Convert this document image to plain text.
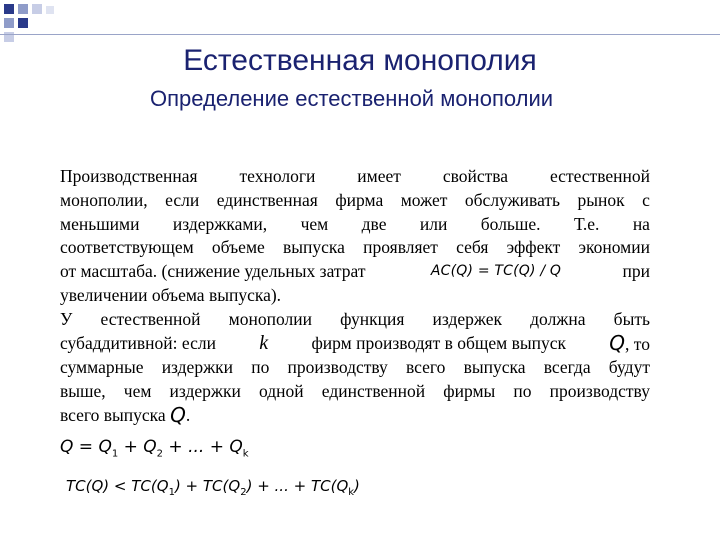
Естественная монополия
Определение естественной монополии
Производственная технологи имеет свойства естественной
монополии, если единственная фирма может обслуживать рынок с
меньшими издержками, чем две или больше. Т.е. на
соответствующем объеме выпуска проявляет себя эффект экономии
от масштаба. (снижение удельных затрат	AC(Q) = TC(Q) / Q	при
увеличении объема выпуска).
У естественной монополии функция издержек должна быть
субаддитивной: если k фирм производят в общем выпуск Q, то
суммарные издержки по производству всего выпуска всегда будут
выше, чем издержки одной единственной фирмы по производству
всего выпуска
Q .
$Q = Q_1 + Q_2$ + ... + $Q_k$
$TC(Q) < TC(Q_1) + TC(Q_2)$ + ... + $TC(Q_k)$
